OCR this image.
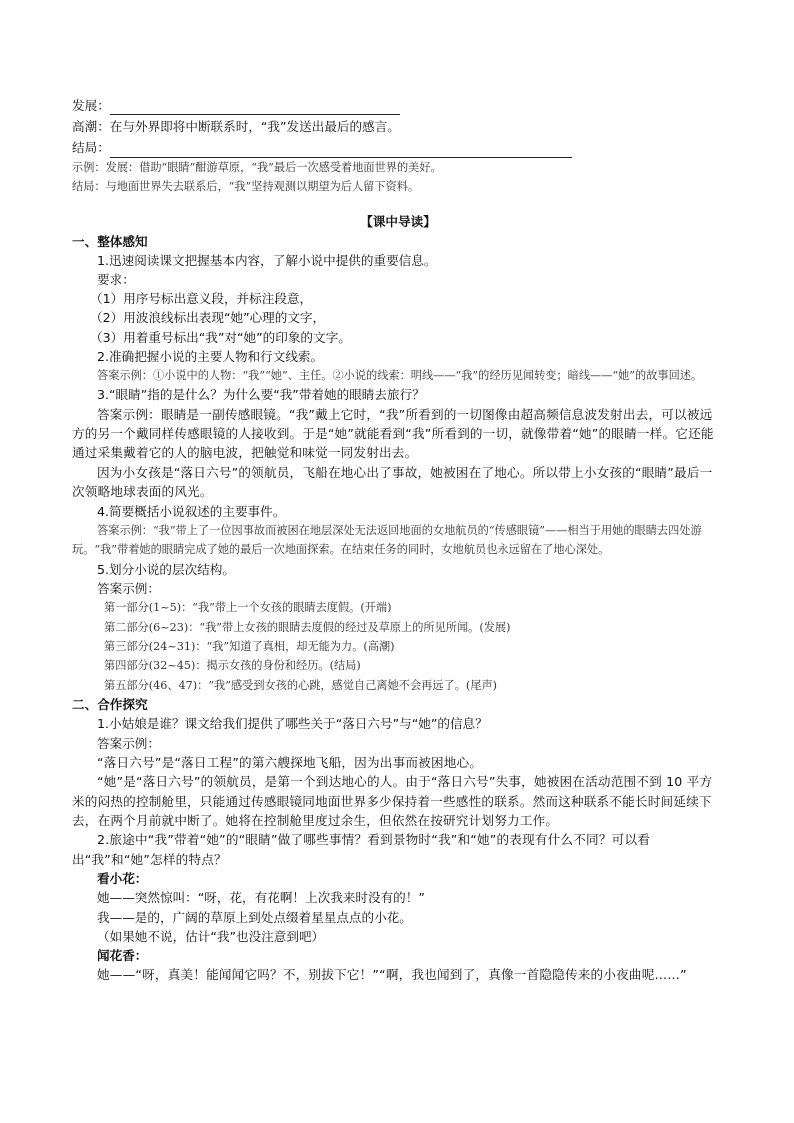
发展：
高潮：在与外界即将中断联系时，“我”发送出最后的感言。
结局：
示例：发展：借助“眼睛”酣游草原，“我”最后一次感受着地面世界的美好。
结局：与地面世界失去联系后，“我”坚持观测以期望为后人留下资料。
【课中导读】
一、整体感知
1.迅速阅读课文把握基本内容，了解小说中提供的重要信息。
要求：
（1）用序号标出意义段，并标注段意，
（2）用波浪线标出表现“她”心理的文字，
（3）用着重号标出“我”对“她”的印象的文字。
2.准确把握小说的主要人物和行文线索。
答案示例：①小说中的人物：“我”“她”、主任。②小说的线索：明线——“我”的经历见闻转变；暗线——“她”的故事回述。
3.“眼睛”指的是什么？为什么要“我”带着她的眼睛去旅行？
答案示例：眼睛是一副传感眼镜。“我”戴上它时，“我”所看到的一切图像由超高频信息波发射出去，可以被远方的另一个戴同样传感眼镜的人接收到。于是“她”就能看到“我”所看到的一切，就像带着“她”的眼睛一样。它还能通过采集戴着它的人的脑电波，把触觉和味觉一同发射出去。
因为小女孩是“落日六号”的领航员，飞船在地心出了事故，她被困在了地心。所以带上小女孩的“眼睛”最后一次领略地球表面的风光。
4.简要概括小说叙述的主要事件。
答案示例：“我”带上了一位因事故而被困在地层深处无法返回地面的女地航员的“传感眼镜”——相当于用她的眼睛去四处游玩。“我”带着她的眼睛完成了她的最后一次地面探索。在结束任务的同时，女地航员也永远留在了地心深处。
5.划分小说的层次结构。
答案示例：
第一部分(1~5)：“我”带上一个女孩的眼睛去度假。(开端)
第二部分(6~23)：“我”带上女孩的眼睛去度假的经过及草原上的所见所闻。(发展)
第三部分(24~31)：“我”知道了真相，却无能为力。(高潮)
第四部分(32~45)：揭示女孩的身份和经历。(结局)
第五部分(46、47)：“我”感受到女孩的心跳，感觉自己离她不会再远了。(尾声)
二、合作探究
1.小姑娘是谁？课文给我们提供了哪些关于“落日六号”与“她”的信息？
答案示例：
“落日六号”是“落日工程”的第六艘探地飞船，因为出事而被困地心。
“她”是“落日六号”的领航员，是第一个到达地心的人。由于“落日六号”失事，她被困在活动范围不到 10 平方米的闷热的控制舱里，只能通过传感眼镜同地面世界多少保持着一些感性的联系。然而这种联系不能长时间延续下去，在两个月前就中断了。她将在控制舱里度过余生，但依然在按研究计划努力工作。
2.旅途中“我”带着“她”的“眼睛”做了哪些事情？看到景物时“我”和“她”的表现有什么不同？可以看出“我”和“她”怎样的特点？
看小花：
她——突然惊叫：“呀，花，有花啊！上次我来时没有的！”
我——是的，广阔的草原上到处点缀着星星点点的小花。
（如果她不说，估计“我”也没注意到吧）
闻花香：
她——“呀，真美！能闻闻它吗？不，别拔下它！”“啊，我也闻到了，真像一首隐隐传来的小夜曲呢……”
